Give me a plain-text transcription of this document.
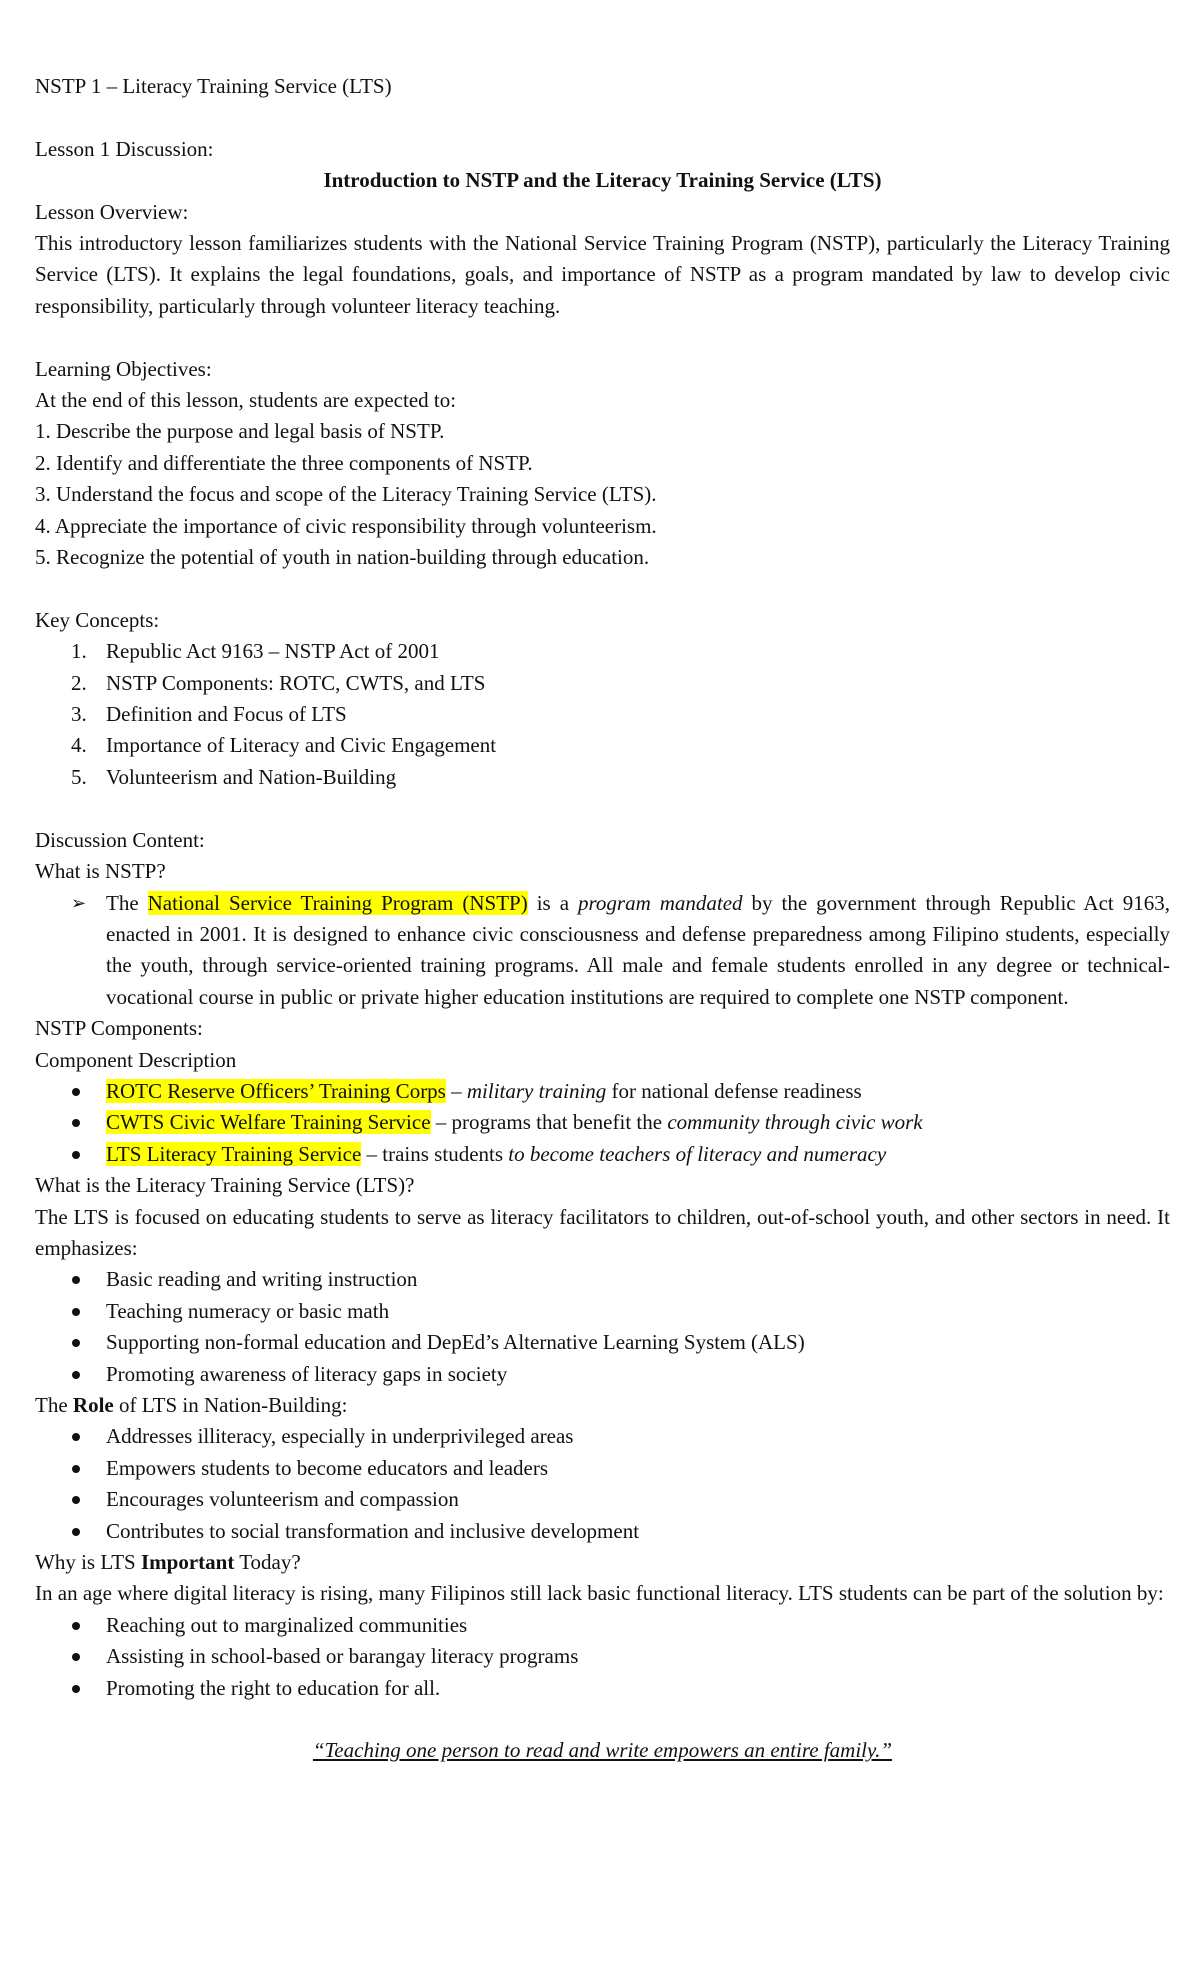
NSTP 1 – Literacy Training Service (LTS)

Lesson 1 Discussion:

Introduction to NSTP and the Literacy Training Service (LTS)

Lesson Overview:

This introductory lesson familiarizes students with the National Service Training Program (NSTP), particularly the Literacy Training Service (LTS). It explains the legal foundations, goals, and importance of NSTP as a program mandated by law to develop civic responsibility, particularly through volunteer literacy teaching.

Learning Objectives:

At the end of this lesson, students are expected to:

1. Describe the purpose and legal basis of NSTP.

2. Identify and differentiate the three components of NSTP.

3. Understand the focus and scope of the Literacy Training Service (LTS).

4. Appreciate the importance of civic responsibility through volunteerism.

5. Recognize the potential of youth in nation-building through education.

Key Concepts:

1. Republic Act 9163 – NSTP Act of 2001
2. NSTP Components: ROTC, CWTS, and LTS
3. Definition and Focus of LTS
4. Importance of Literacy and Civic Engagement
5. Volunteerism and Nation-Building

Discussion Content:

What is NSTP?

➢ The National Service Training Program (NSTP) is a program mandated by the government through Republic Act 9163, enacted in 2001. It is designed to enhance civic consciousness and defense preparedness among Filipino students, especially the youth, through service-oriented training programs. All male and female students enrolled in any degree or technical-vocational course in public or private higher education institutions are required to complete one NSTP component.

NSTP Components:

Component Description

ROTC Reserve Officers’ Training Corps – military training for national defense readiness
CWTS Civic Welfare Training Service – programs that benefit the community through civic work
LTS Literacy Training Service – trains students to become teachers of literacy and numeracy

What is the Literacy Training Service (LTS)?

The LTS is focused on educating students to serve as literacy facilitators to children, out-of-school youth, and other sectors in need. It emphasizes:

Basic reading and writing instruction
Teaching numeracy or basic math
Supporting non-formal education and DepEd’s Alternative Learning System (ALS)
Promoting awareness of literacy gaps in society

The Role of LTS in Nation-Building:

Addresses illiteracy, especially in underprivileged areas
Empowers students to become educators and leaders
Encourages volunteerism and compassion
Contributes to social transformation and inclusive development

Why is LTS Important Today?

In an age where digital literacy is rising, many Filipinos still lack basic functional literacy. LTS students can be part of the solution by:

Reaching out to marginalized communities
Assisting in school-based or barangay literacy programs
Promoting the right to education for all.

“Teaching one person to read and write empowers an entire family.”
